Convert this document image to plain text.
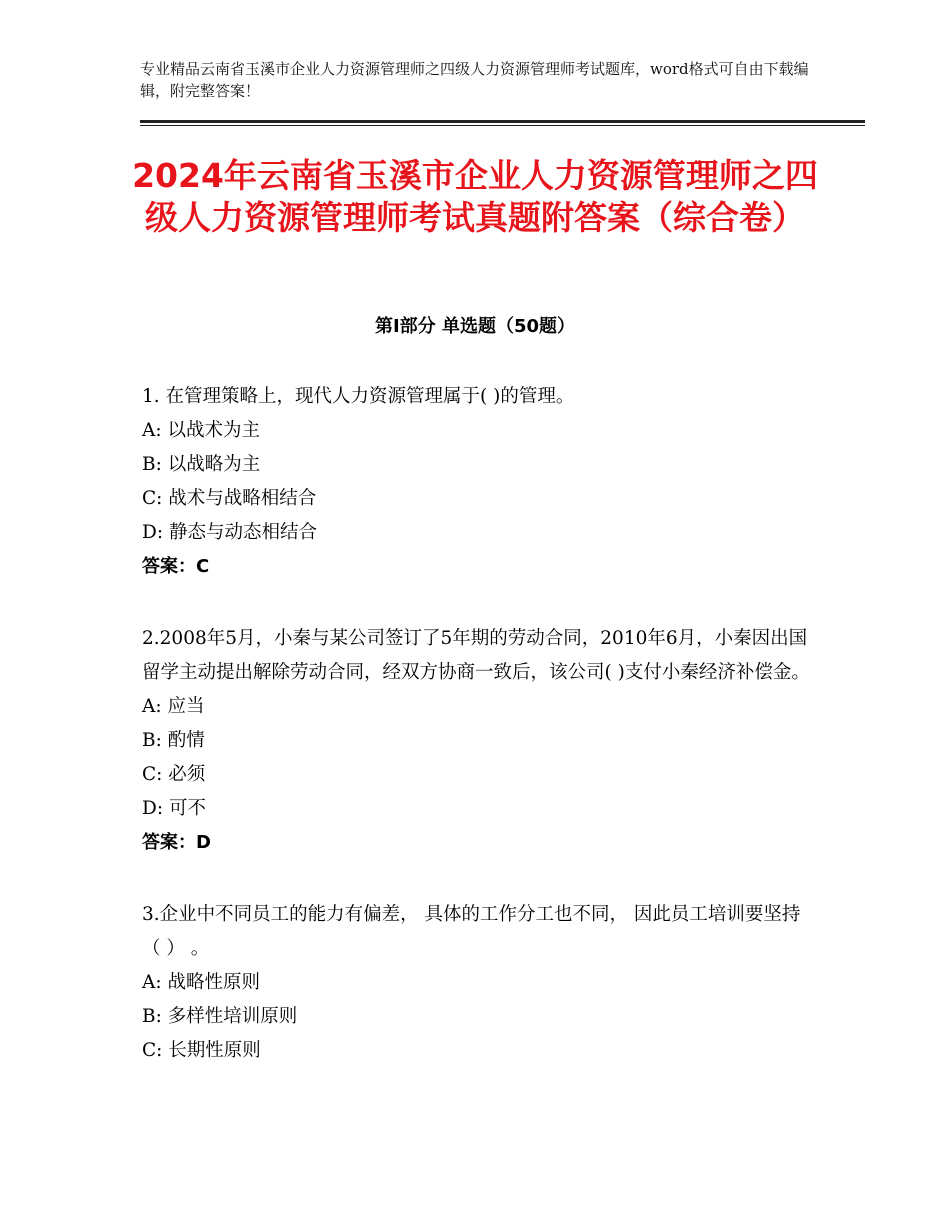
专业精品云南省玉溪市企业人力资源管理师之四级人力资源管理师考试题库，word格式可自由下载编辑，附完整答案！
2024年云南省玉溪市企业人力资源管理师之四级人力资源管理师考试真题附答案（综合卷）
第Ⅰ部分 单选题（50题）
1. 在管理策略上，现代人力资源管理属于( )的管理。
A: 以战术为主
B: 以战略为主
C: 战术与战略相结合
D: 静态与动态相结合
答案：C
2.2008年5月，小秦与某公司签订了5年期的劳动合同，2010年6月，小秦因出国留学主动提出解除劳动合同，经双方协商一致后，该公司( )支付小秦经济补偿金。
A: 应当
B: 酌情
C: 必须
D: 可不
答案：D
3.企业中不同员工的能力有偏差， 具体的工作分工也不同， 因此员工培训要坚持（ ） 。
A: 战略性原则
B: 多样性培训原则
C: 长期性原则
